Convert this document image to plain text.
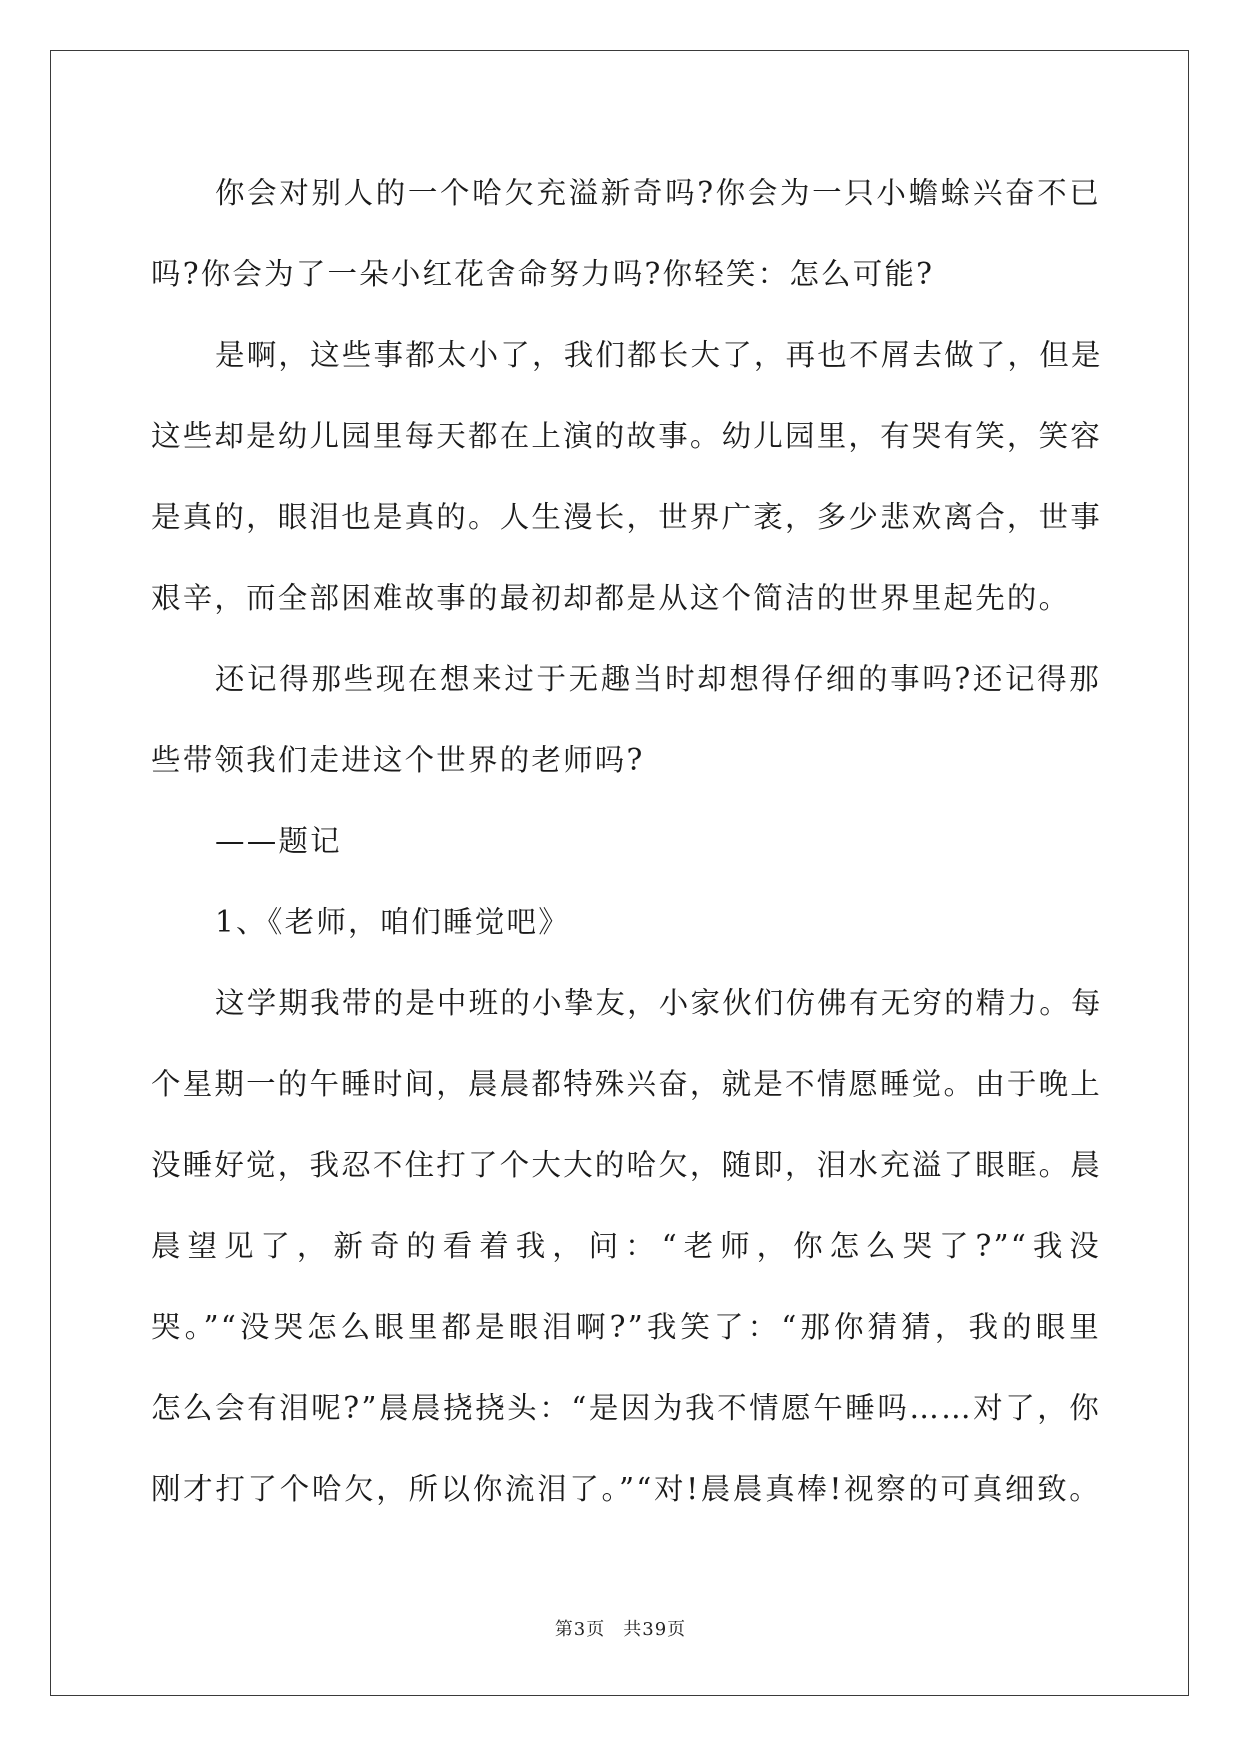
你会对别人的一个哈欠充溢新奇吗?你会为一只小蟾蜍兴奋不已
吗?你会为了一朵小红花舍命努力吗?你轻笑：怎么可能?
是啊，这些事都太小了，我们都长大了，再也不屑去做了，但是
这些却是幼儿园里每天都在上演的故事。幼儿园里，有哭有笑，笑容
是真的，眼泪也是真的。人生漫长，世界广袤，多少悲欢离合，世事
艰辛，而全部困难故事的最初却都是从这个简洁的世界里起先的。
还记得那些现在想来过于无趣当时却想得仔细的事吗?还记得那
些带领我们走进这个世界的老师吗?
——题记
1、《老师，咱们睡觉吧》
这学期我带的是中班的小挚友，小家伙们仿佛有无穷的精力。每
个星期一的午睡时间，晨晨都特殊兴奋，就是不情愿睡觉。由于晚上
没睡好觉，我忍不住打了个大大的哈欠，随即，泪水充溢了眼眶。晨
晨望见了，新奇的看着我，问：“老师，你怎么哭了?”“我没
哭。”“没哭怎么眼里都是眼泪啊?”我笑了：“那你猜猜，我的眼里
怎么会有泪呢?”晨晨挠挠头：“是因为我不情愿午睡吗……对了，你
刚才打了个哈欠，所以你流泪了。”“对!晨晨真棒!视察的可真细致。
第3页 共39页
